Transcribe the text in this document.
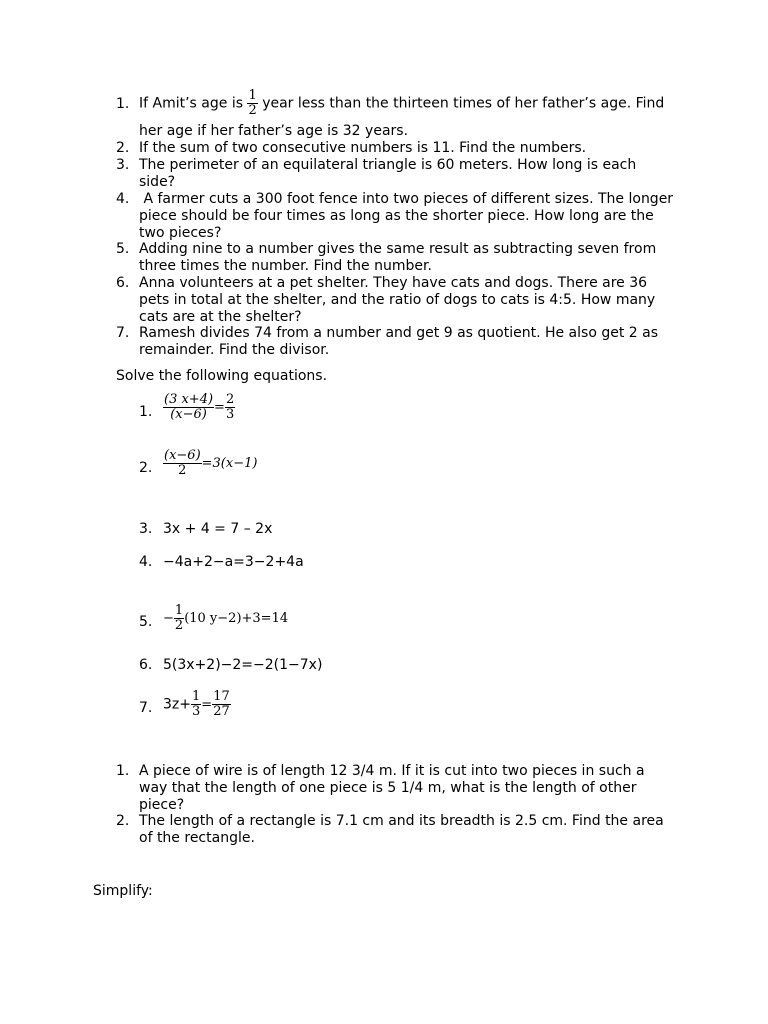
1. If Amit’s age is $\frac{1}{2}$ year less than the thirteen times of her father’s age. Find
her age if her father’s age is 32 years.
2. If the sum of two consecutive numbers is 11. Find the numbers.
3. The perimeter of an equilateral triangle is 60 meters. How long is each side?
4. A farmer cuts a 300 foot fence into two pieces of different sizes. The longer piece should be four times as long as the shorter piece. How long are the two pieces?
5. Adding nine to a number gives the same result as subtracting seven from three times the number. Find the number.
6. Anna volunteers at a pet shelter. They have cats and dogs. There are 36 pets in total at the shelter, and the ratio of dogs to cats is 4:5. How many cats are at the shelter?
7. Ramesh divides 74 from a number and get 9 as quotient. He also get 2 as remainder. Find the divisor.
Solve the following equations.
1. $\frac{(3 x+4)}{(x-6)} = \frac{2}{3}$
2. $\frac{(x-6)}{2} =3(x-1)$
3. 3x + 4 = 7 – 2x
4. −4a+2−a=3−2+4a
5. − $\frac{1}{2} (10$ y−2)+3=14
6. 5(3x+2)−2=−2(1−7x)
7. $3z+ \frac{1}{3} = \frac{17}{27}$
1. A piece of wire is of length 12 3/4 m. If it is cut into two pieces in such a way that the length of one piece is 5 1/4 m, what is the length of other piece?
2. The length of a rectangle is 7.1 cm and its breadth is 2.5 cm. Find the area of the rectangle.
Simplify:
